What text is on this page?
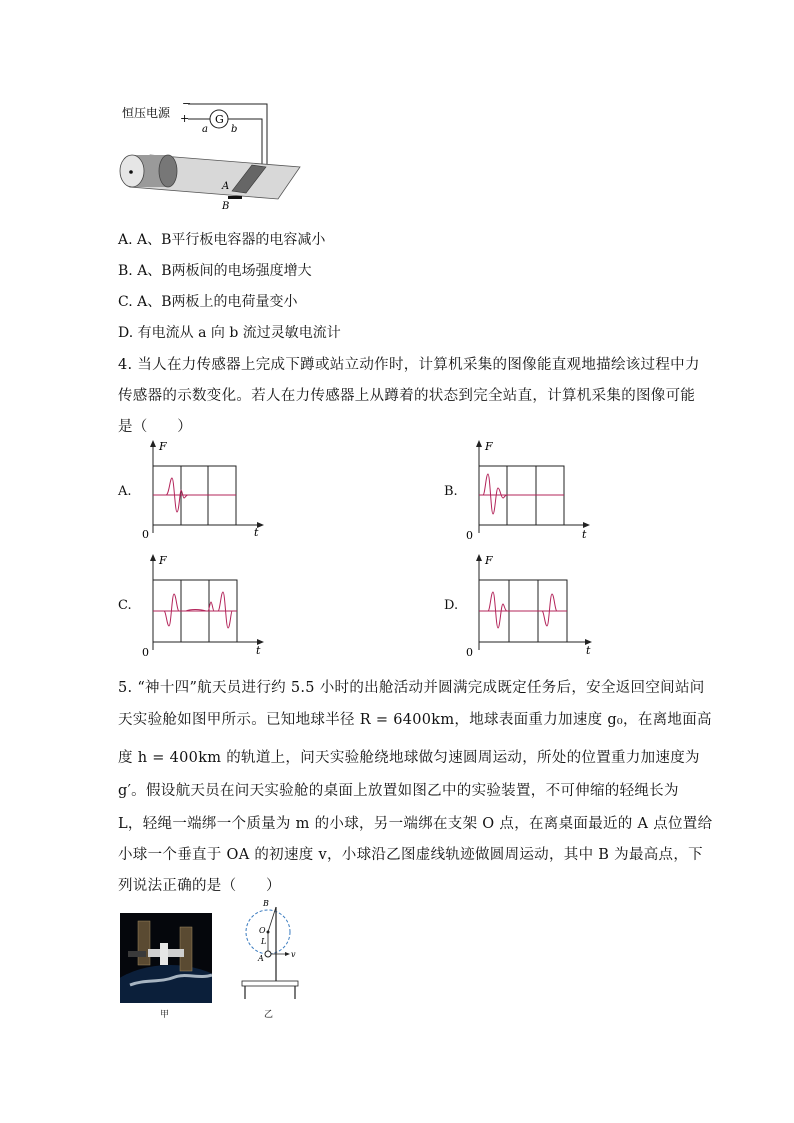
恒压电源
−
+ G
a b
A
B
A. A、B平行板电容器的电容减小
B. A、B两板间的电场强度增大
C. A、B两板上的电荷量变小
D. 有电流从 a 向 b 流过灵敏电流计
4. 当人在力传感器上完成下蹲或站立动作时，计算机采集的图像能直观地描绘该过程中力
传感器的示数变化。若人在力传感器上从蹲着的状态到完全站直，计算机采集的图像可能
是（　　）
A.
F
t
0
B.
F
t
0
C.
F
t
0
D.
F
t
0
5. “神十四”航天员进行约 5.5 小时的出舱活动并圆满完成既定任务后，安全返回空间站问
天实验舱如图甲所示。已知地球半径 R = 6400km，地球表面重力加速度 g₀，在离地面高
度 h = 400km 的轨道上，问天实验舱绕地球做匀速圆周运动，所处的位置重力加速度为
g′。假设航天员在问天实验舱的桌面上放置如图乙中的实验装置，不可伸缩的轻绳长为
L，轻绳一端绑一个质量为 m 的小球，另一端绑在支架 O 点，在离桌面最近的 A 点位置给
小球一个垂直于 OA 的初速度 v，小球沿乙图虚线轨迹做圆周运动，其中 B 为最高点，下
列说法正确的是（　　）
B
O
L
A	v
甲	乙
